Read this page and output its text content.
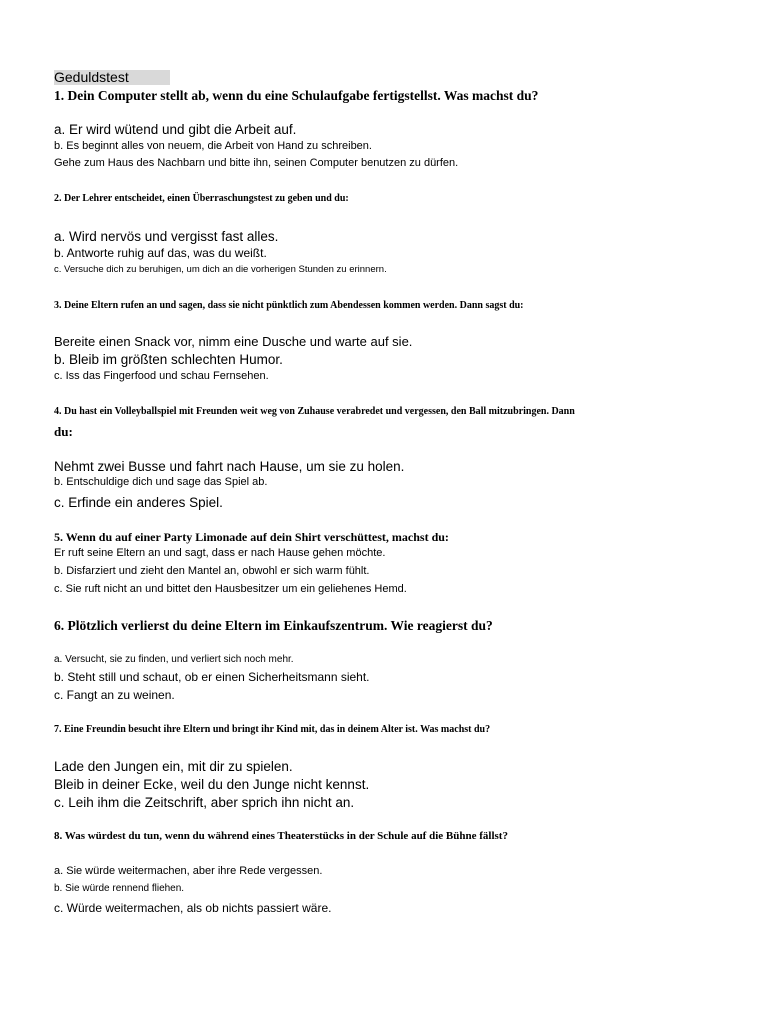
Geduldstest
1. Dein Computer stellt ab, wenn du eine Schulaufgabe fertigstellst. Was machst du?
a. Er wird wütend und gibt die Arbeit auf.
b. Es beginnt alles von neuem, die Arbeit von Hand zu schreiben.
Gehe zum Haus des Nachbarn und bitte ihn, seinen Computer benutzen zu dürfen.
2. Der Lehrer entscheidet, einen Überraschungstest zu geben und du:
a. Wird nervös und vergisst fast alles.
b. Antworte ruhig auf das, was du weißt.
c. Versuche dich zu beruhigen, um dich an die vorherigen Stunden zu erinnern.
3. Deine Eltern rufen an und sagen, dass sie nicht pünktlich zum Abendessen kommen werden. Dann sagst du:
Bereite einen Snack vor, nimm eine Dusche und warte auf sie.
b. Bleib im größten schlechten Humor.
c. Iss das Fingerfood und schau Fernsehen.
4. Du hast ein Volleyballspiel mit Freunden weit weg von Zuhause verabredet und vergessen, den Ball mitzubringen. Dann
du:
Nehmt zwei Busse und fahrt nach Hause, um sie zu holen.
b. Entschuldige dich und sage das Spiel ab.
c. Erfinde ein anderes Spiel.
5. Wenn du auf einer Party Limonade auf dein Shirt verschüttest, machst du:
Er ruft seine Eltern an und sagt, dass er nach Hause gehen möchte.
b. Disfarziert und zieht den Mantel an, obwohl er sich warm fühlt.
c. Sie ruft nicht an und bittet den Hausbesitzer um ein geliehenes Hemd.
6. Plötzlich verlierst du deine Eltern im Einkaufszentrum. Wie reagierst du?
a. Versucht, sie zu finden, und verliert sich noch mehr.
b. Steht still und schaut, ob er einen Sicherheitsmann sieht.
c. Fangt an zu weinen.
7. Eine Freundin besucht ihre Eltern und bringt ihr Kind mit, das in deinem Alter ist. Was machst du?
Lade den Jungen ein, mit dir zu spielen.
Bleib in deiner Ecke, weil du den Junge nicht kennst.
c. Leih ihm die Zeitschrift, aber sprich ihn nicht an.
8. Was würdest du tun, wenn du während eines Theaterstücks in der Schule auf die Bühne fällst?
a. Sie würde weitermachen, aber ihre Rede vergessen.
b. Sie würde rennend fliehen.
c. Würde weitermachen, als ob nichts passiert wäre.
